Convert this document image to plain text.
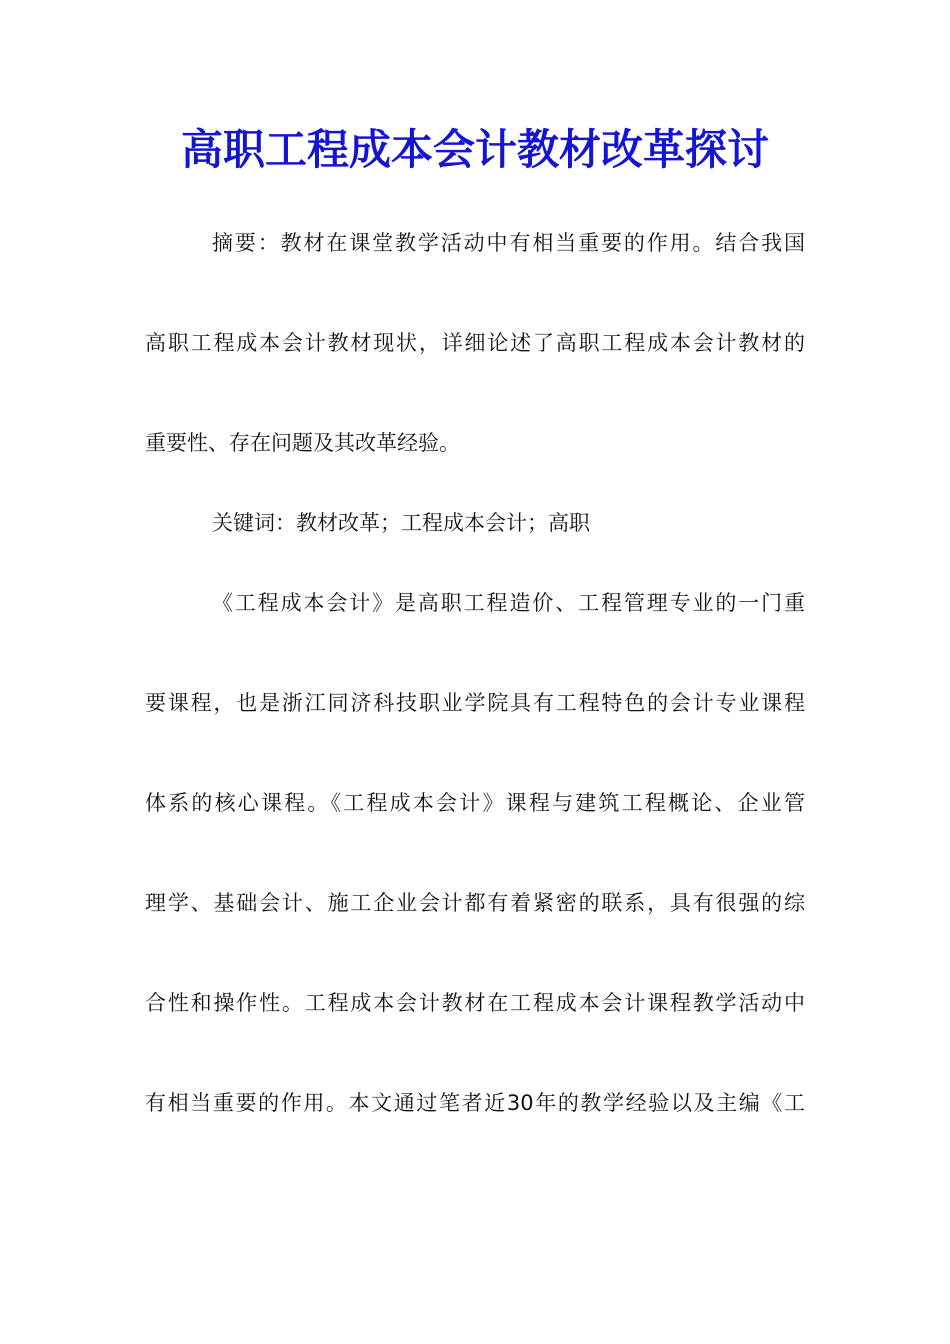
高职工程成本会计教材改革探讨
摘要：教材在课堂教学活动中有相当重要的作用。结合我国
高职工程成本会计教材现状，详细论述了高职工程成本会计教材的
重要性、存在问题及其改革经验。
关键词：教材改革；工程成本会计；高职
《工程成本会计》是高职工程造价、工程管理专业的一门重
要课程，也是浙江同济科技职业学院具有工程特色的会计专业课程
体系的核心课程。《工程成本会计》课程与建筑工程概论、企业管
理学、基础会计、施工企业会计都有着紧密的联系，具有很强的综
合性和操作性。工程成本会计教材在工程成本会计课程教学活动中
有相当重要的作用。本文通过笔者近30年的教学经验以及主编《工
